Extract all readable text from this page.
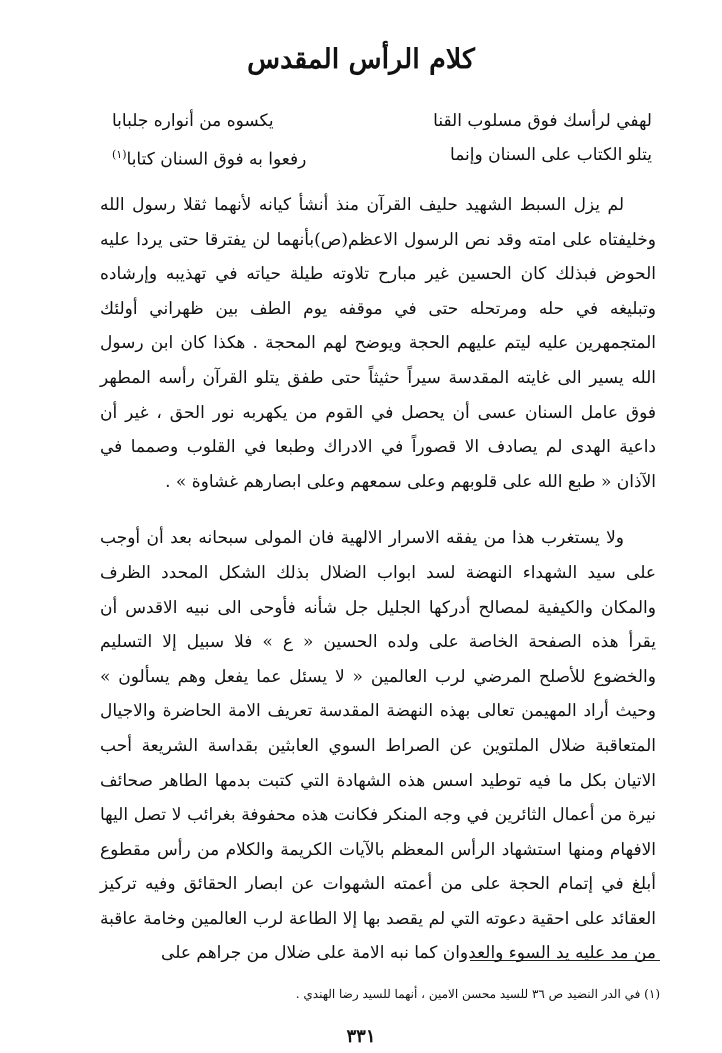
كلام الرأس المقدس
لهفي لرأسك فوق مسلوب القنا
يكسوه من أنواره جلبابا
يتلو الكتاب على السنان وإنما
رفعوا به فوق السنان كتابا$^{(١)}$

لم يزل السبط الشهيد حليف القرآن منذ أنشأ كيانه لأنهما ثقلا رسول الله وخليفتاه على امته وقد نص الرسول الاعظم(ص)بأنهما لن يفترقا حتى يردا عليه الحوض فبذلك كان الحسين غير مبارح تلاوته طيلة حياته في تهذيبه وإرشاده وتبليغه في حله ومرتحله حتى في موقفه يوم الطف بين ظهراني أولئك المتجمهرين عليه ليتم عليهم الحجة ويوضح لهم المحجة . هكذا كان ابن رسول الله يسير الى غايته المقدسة سيراً حثيثاً حتى طفق يتلو القرآن رأسه المطهر فوق عامل السنان عسى أن يحصل في القوم من يكهربه نور الحق ، غير أن داعية الهدى لم يصادف الا قصوراً في الادراك وطبعا في القلوب وصمما في الآذان « طبع الله على قلوبهم وعلى سمعهم وعلى ابصارهم غشاوة » .

ولا يستغرب هذا من يفقه الاسرار الالهية فان المولى سبحانه بعد أن أوجب على سيد الشهداء النهضة لسد ابواب الضلال بذلك الشكل المحدد الظرف والمكان والكيفية لمصالح أدركها الجليل جل شأنه فأوحى الى نبيه الاقدس أن يقرأ هذه الصفحة الخاصة على ولده الحسين « ع » فلا سبيل إلا التسليم والخضوع للأصلح المرضي لرب العالمين « لا يسئل عما يفعل وهم يسألون » وحيث أراد المهيمن تعالى بهذه النهضة المقدسة تعريف الامة الحاضرة والاجيال المتعاقبة ضلال الملتوين عن الصراط السوي العابثين بقداسة الشريعة أحب الاتيان بكل ما فيه توطيد اسس هذه الشهادة التي كتبت بدمها الطاهر صحائف نيرة من أعمال الثائرين في وجه المنكر فكانت هذه محفوفة بغرائب لا تصل اليها الافهام ومنها استشهاد الرأس المعظم بالآيات الكريمة والكلام من رأس مقطوع أبلغ في إتمام الحجة على من أعمته الشهوات عن ابصار الحقائق وفيه تركيز العقائد على احقية دعوته التي لم يقصد بها إلا الطاعة لرب العالمين وخامة عاقبة من مد عليه يد السوء والعدوان كما نبه الامة على ضلال من جراهم على

(١) في الدر النضيد ص ٣٦ للسيد محسن الامين ، أنهما للسيد رضا الهندي .
٣٣١
